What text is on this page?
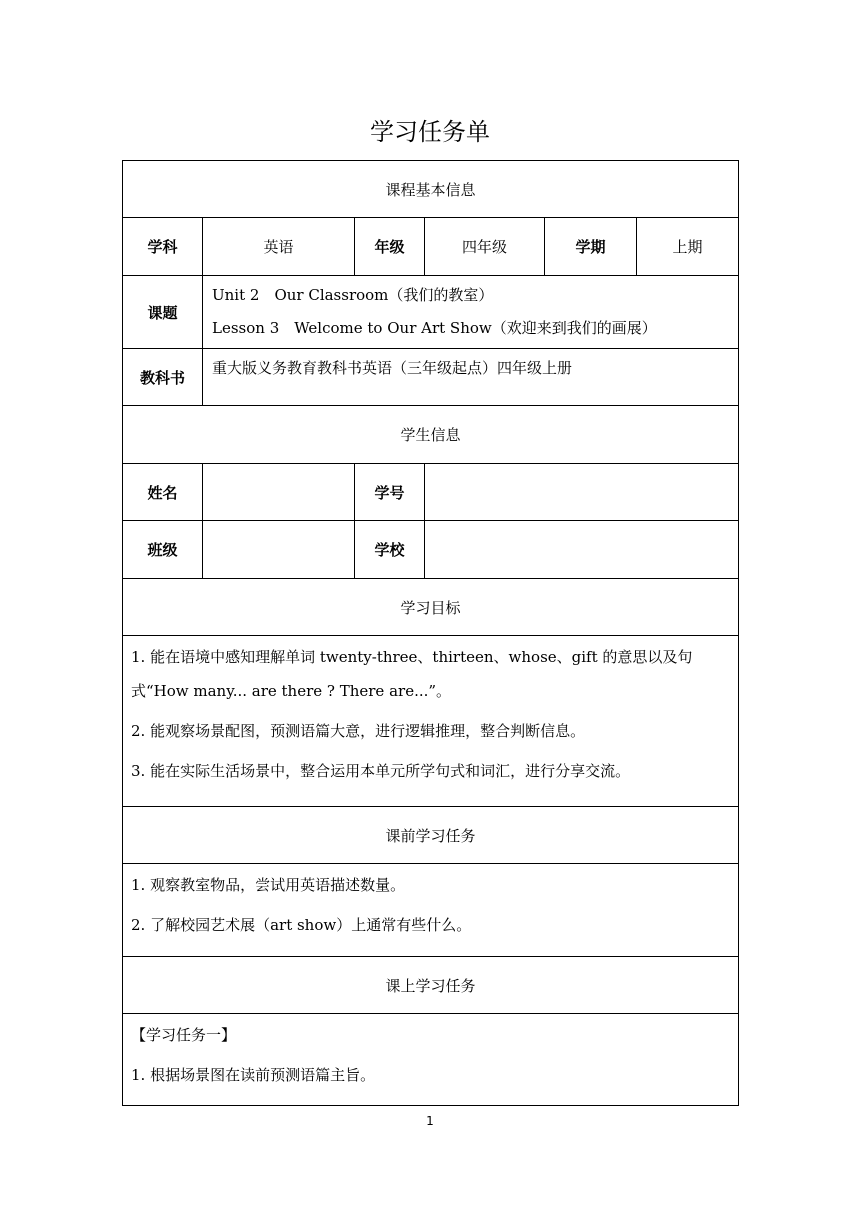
学习任务单
课程基本信息					
学科	英语	年级	四年级	学期	上期
课题	Unit 2　Our Classroom（我们的教室）
Lesson 3　Welcome to Our Art Show（欢迎来到我们的画展）				

教科书	重大版义务教育教科书英语（三年级起点）四年级上册				

学生信息					
姓名		学号			
班级		学校			
学习目标					

1. 能在语境中感知理解单词 twenty-three、thirteen、whose、gift 的意思以及句式“How many... are there ? There are...”。

2. 能观察场景配图，预测语篇大意，进行逻辑推理，整合判断信息。

3. 能在实际生活场景中，整合运用本单元所学句式和词汇，进行分享交流。					

课前学习任务					

1. 观察教室物品，尝试用英语描述数量。

2. 了解校园艺术展（art show）上通常有些什么。					

课上学习任务					

【学习任务一】

1. 根据场景图在读前预测语篇主旨。					

1
